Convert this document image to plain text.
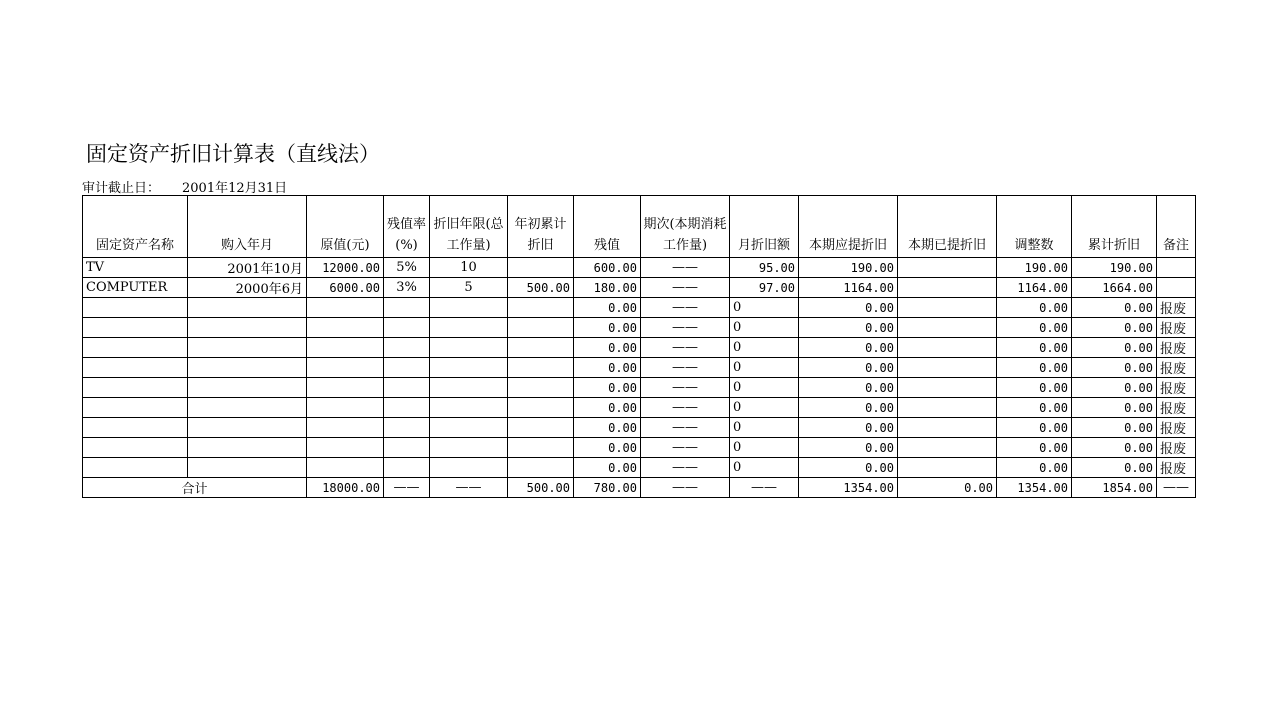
固定资产折旧计算表（直线法）
审计截止日： 2001年12月31日
固定资产名称	购入年月	原值(元)	残值率(%)	折旧年限(总工作量)	年初累计折旧	残值	期次(本期消耗工作量)	月折旧额	本期应提折旧	本期已提折旧	调整数	累计折旧	备注
TV	2001年10月	12000.00	5%	10		600.00	——	95.00	190.00		190.00	190.00	
COMPUTER	2000年6月	6000.00	3%	5	500.00	180.00	——	97.00	1164.00		1164.00	1664.00	
						0.00	——	0	0.00		0.00	0.00	报废
						0.00	——	0	0.00		0.00	0.00	报废
						0.00	——	0	0.00		0.00	0.00	报废
						0.00	——	0	0.00		0.00	0.00	报废
						0.00	——	0	0.00		0.00	0.00	报废
						0.00	——	0	0.00		0.00	0.00	报废
						0.00	——	0	0.00		0.00	0.00	报废
						0.00	——	0	0.00		0.00	0.00	报废
						0.00	——	0	0.00		0.00	0.00	报废
合计		18000.00	——	——	500.00	780.00	——	——	1354.00	0.00	1354.00	1854.00	——
